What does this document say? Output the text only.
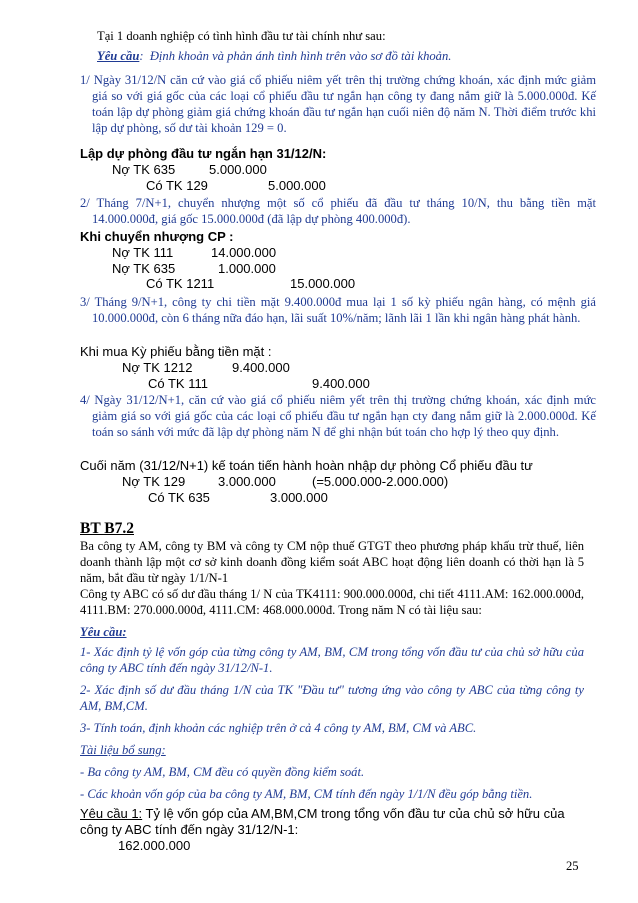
Tại 1 doanh nghiệp có tình hình đầu tư tài chính như sau:
Yêu cầu:  Định khoản và phản ánh tình hình trên vào sơ đồ tài khoản.
1/ Ngày 31/12/N căn cứ vào giá cổ phiếu niêm yết trên thị trường chứng khoán, xác định mức giảm giá so với giá gốc của các loại cổ phiếu đầu tư ngắn hạn công ty đang nắm giữ là 5.000.000đ. Kế toán lập dự phòng giảm giá chứng khoán đầu tư ngắn hạn cuối niên độ năm N. Thời điểm trước khi lập dự phòng, số dư tài khoản 129 = 0.
Lập dự phòng đầu tư ngắn hạn 31/12/N:
Nợ TK 635	5.000.000
Có TK 129	5.000.000
2/ Tháng 7/N+1, chuyển nhượng một số cổ phiếu đã đầu tư tháng 10/N, thu bằng tiền mặt 14.000.000đ, giá gốc 15.000.000đ (đã lập dự phòng 400.000đ).
Khi chuyển nhượng CP :
Nợ TK 111	14.000.000
Nợ TK 635	1.000.000
Có TK 1211	15.000.000
3/ Tháng 9/N+1, công ty chi tiền mặt 9.400.000đ mua lại 1 số kỳ phiếu ngân hàng, có mệnh giá 10.000.000đ, còn 6 tháng nữa đáo hạn, lãi suất 10%/năm; lãnh lãi 1 lần khi ngân hàng phát hành.
Khi mua Kỳ phiếu bằng tiền mặt :
Nợ TK 1212	9.400.000
Có TK 111	9.400.000
4/ Ngày 31/12/N+1, căn cứ vào giá cổ phiếu niêm yết trên thị trường chứng khoán, xác định mức giảm giá so với giá gốc của các loại cổ phiếu đầu tư ngắn hạn cty đang nắm giữ là 2.000.000đ. Kế toán so sánh với mức đã lập dự phòng năm N để ghi nhận bút toán cho hợp lý theo quy định.
Cuối năm (31/12/N+1) kế toán tiến hành hoàn nhập dự phòng Cổ phiếu đầu tư
Nợ TK 129	3.000.000	(=5.000.000-2.000.000)
Có TK 635	3.000.000
BT B7.2
Ba công ty AM, công ty BM và công ty CM nộp thuế GTGT theo phương pháp khấu trừ thuế, liên doanh thành lập một cơ sở kinh doanh đồng kiểm soát ABC hoạt động liên doanh có thời hạn là 5 năm, bắt đầu từ ngày 1/1/N-1
Công ty ABC có số dư đầu tháng 1/ N của TK4111: 900.000.000đ, chi tiết 4111.AM: 162.000.000đ, 4111.BM: 270.000.000đ, 4111.CM: 468.000.000đ. Trong năm N có tài liệu sau:
Yêu cầu:
1- Xác định tỷ lệ vốn góp của từng công ty AM, BM, CM trong tổng vốn đầu tư của chủ sở hữu của công ty ABC tính đến ngày 31/12/N-1.
2- Xác định số dư đầu tháng 1/N của TK "Đầu tư" tương ứng vào công ty ABC của từng công ty AM, BM,CM.
3- Tính toán, định khoản các nghiệp trên ở cả 4 công ty AM, BM, CM và ABC.
Tài liệu bổ sung:
- Ba công ty AM, BM, CM đều có quyền đồng kiểm soát.
- Các khoản vốn góp của ba công ty AM, BM, CM tính đến ngày 1/1/N đều góp bằng tiền.
Yêu cầu 1: Tỷ lệ vốn góp của AM,BM,CM trong tổng vốn đầu tư của chủ sở hữu của công ty ABC tính đến ngày 31/12/N-1:
162.000.000
25
